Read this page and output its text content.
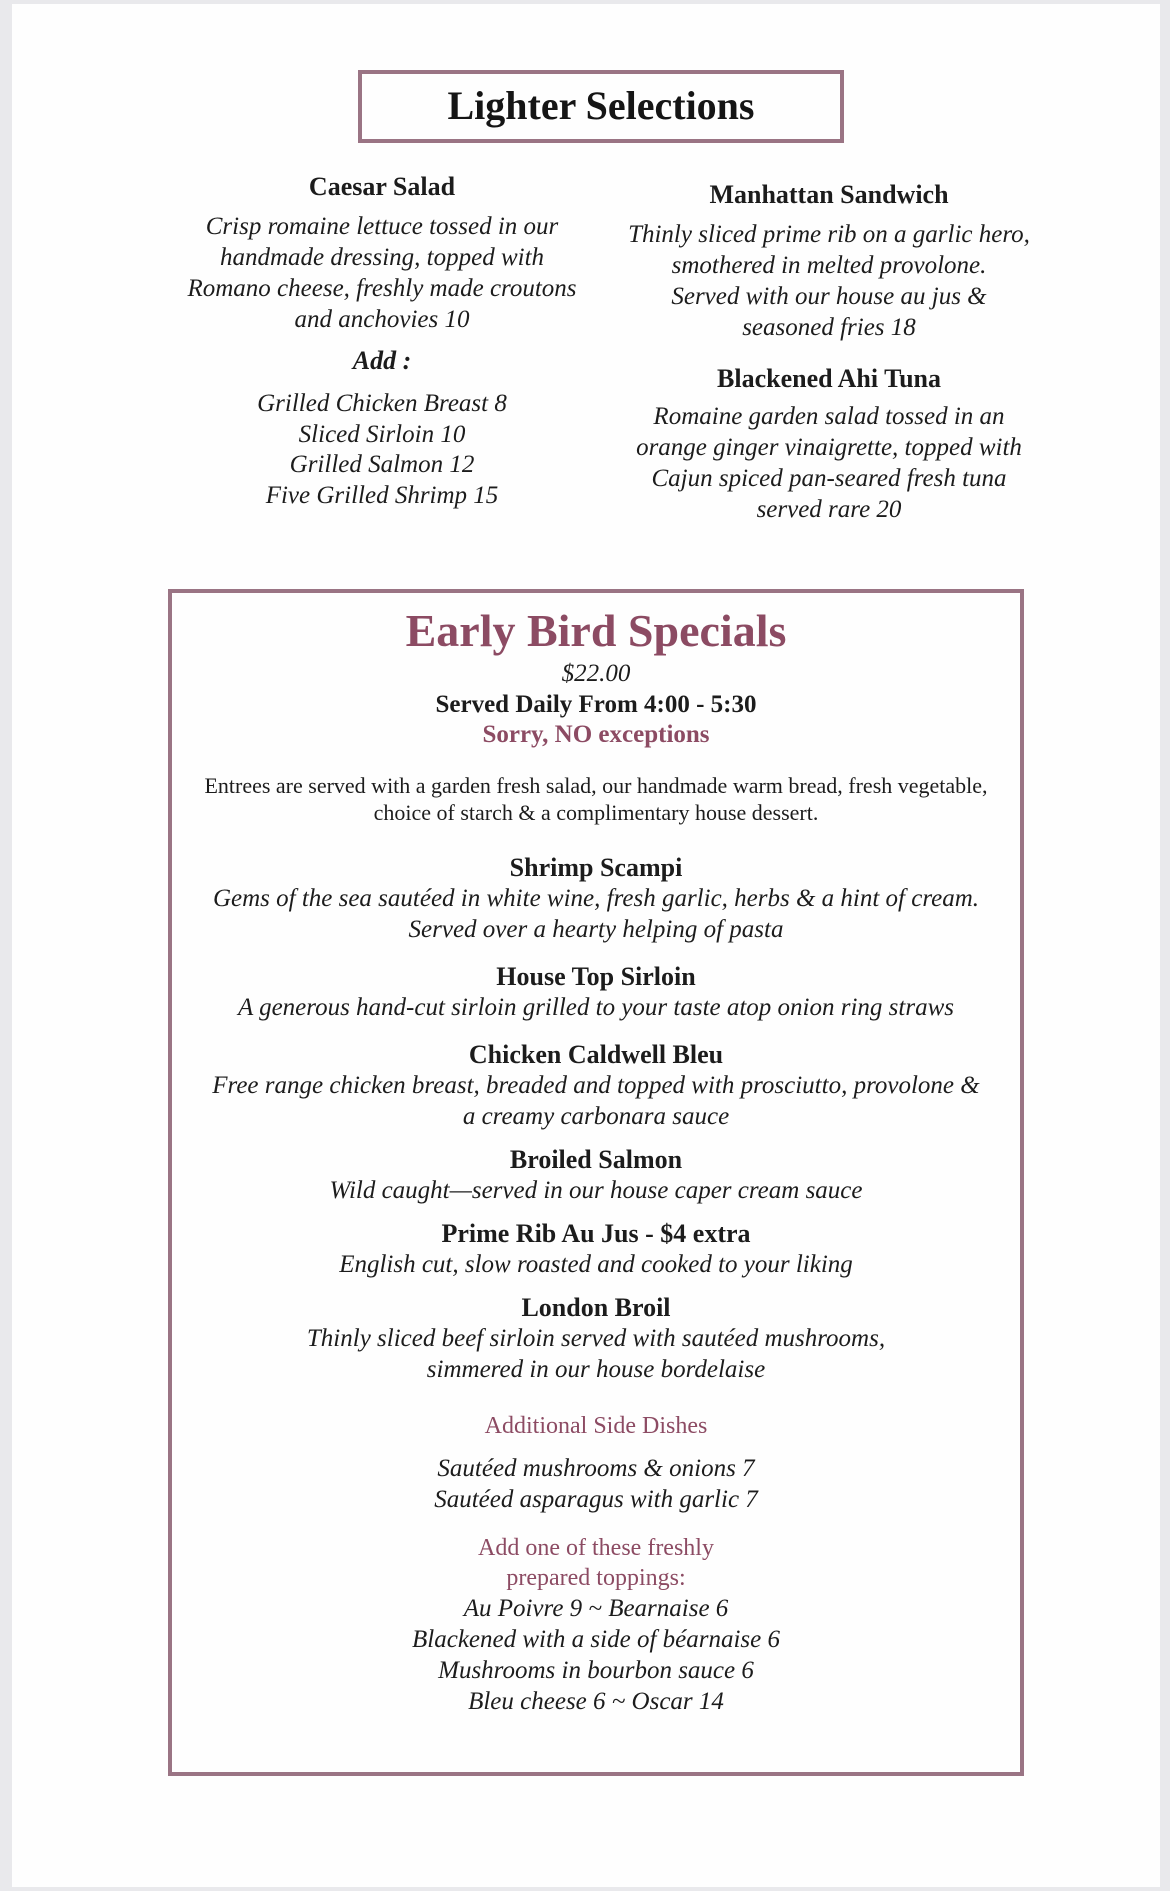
Lighter Selections
Caesar Salad
Crisp romaine lettuce tossed in our
handmade dressing, topped with
Romano cheese, freshly made croutons
and anchovies 10
Add :
Grilled Chicken Breast 8
Sliced Sirloin 10
Grilled Salmon 12
Five Grilled Shrimp 15
Manhattan Sandwich
Thinly sliced prime rib on a garlic hero,
smothered in melted provolone.
Served with our house au jus &
seasoned fries 18
Blackened Ahi Tuna
Romaine garden salad tossed in an
orange ginger vinaigrette, topped with
Cajun spiced pan-seared fresh tuna
served rare 20
Early Bird Specials
$22.00
Served Daily From 4:00 - 5:30
Sorry, NO exceptions
Entrees are served with a garden fresh salad, our handmade warm bread, fresh vegetable,
choice of starch & a complimentary house dessert.
Shrimp Scampi
Gems of the sea sautéed in white wine, fresh garlic, herbs & a hint of cream.
Served over a hearty helping of pasta
House Top Sirloin
A generous hand-cut sirloin grilled to your taste atop onion ring straws
Chicken Caldwell Bleu
Free range chicken breast, breaded and topped with prosciutto, provolone &
a creamy carbonara sauce
Broiled Salmon
Wild caught—served in our house caper cream sauce
Prime Rib Au Jus - $4 extra
English cut, slow roasted and cooked to your liking
London Broil
Thinly sliced beef sirloin served with sautéed mushrooms,
simmered in our house bordelaise
Additional Side Dishes
Sautéed mushrooms & onions 7
Sautéed asparagus with garlic 7
Add one of these freshly
prepared toppings:
Au Poivre 9 ~ Bearnaise 6
Blackened with a side of béarnaise 6
Mushrooms in bourbon sauce 6
Bleu cheese 6 ~ Oscar 14
